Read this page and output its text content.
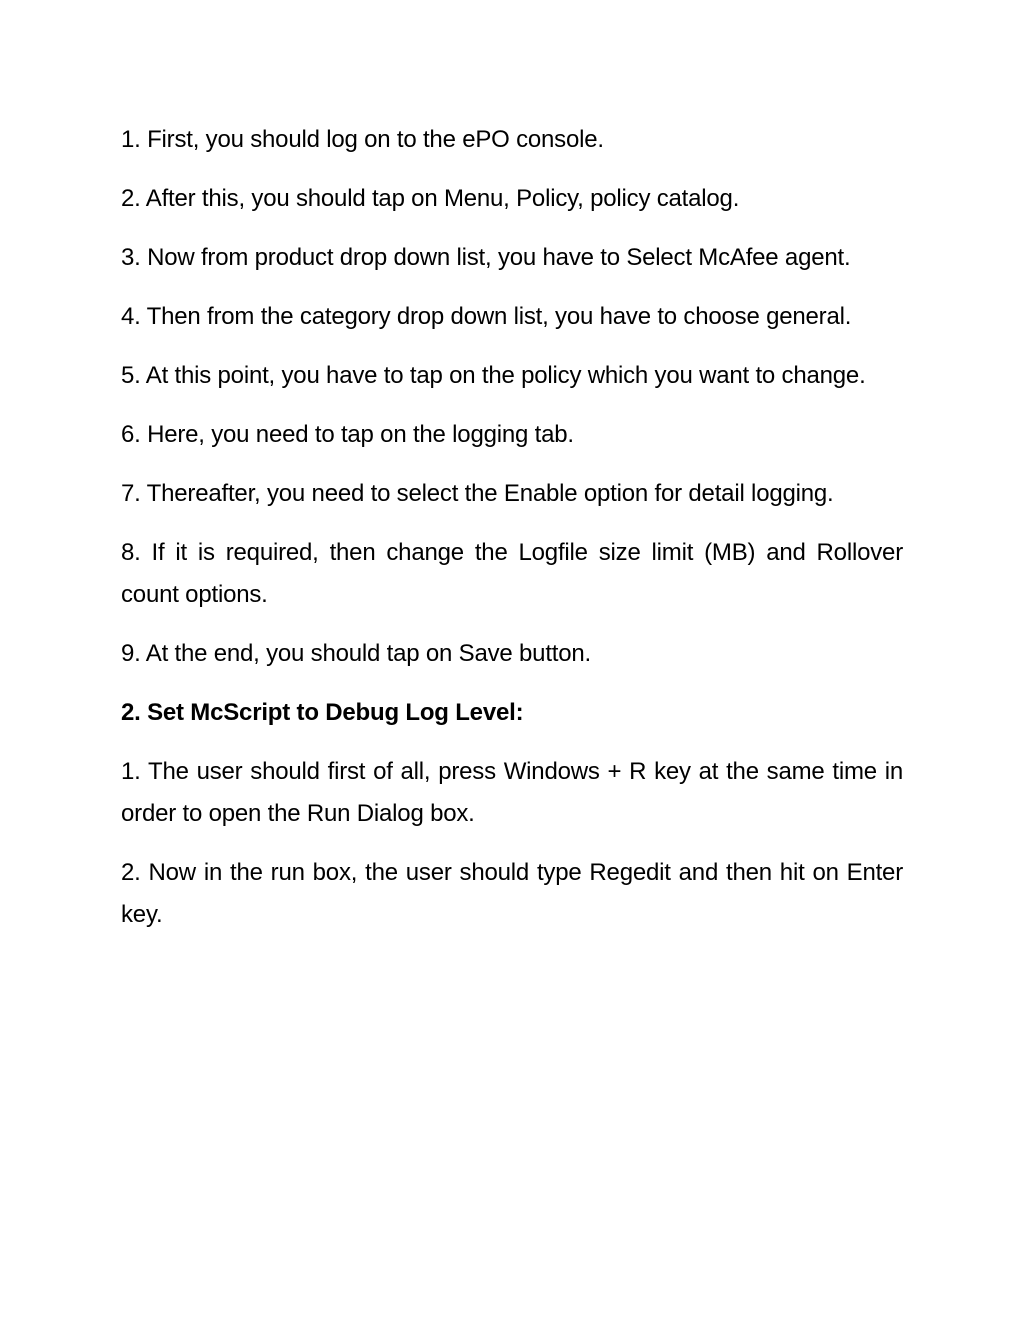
1. First, you should log on to the ePO console.

2. After this, you should tap on Menu, Policy, policy catalog.

3. Now from product drop down list, you have to Select McAfee agent.

4. Then from the category drop down list, you have to choose general.

5. At this point, you have to tap on the policy which you want to change.

6. Here, you need to tap on the logging tab.

7. Thereafter, you need to select the Enable option for detail logging.

8. If it is required, then change the Logfile size limit (MB) and Rollover count options.

9. At the end, you should tap on Save button.

2. Set McScript to Debug Log Level:

1. The user should first of all, press Windows + R key at the same time in order to open the Run Dialog box.

2. Now in the run box, the user should type Regedit and then hit on Enter key.
